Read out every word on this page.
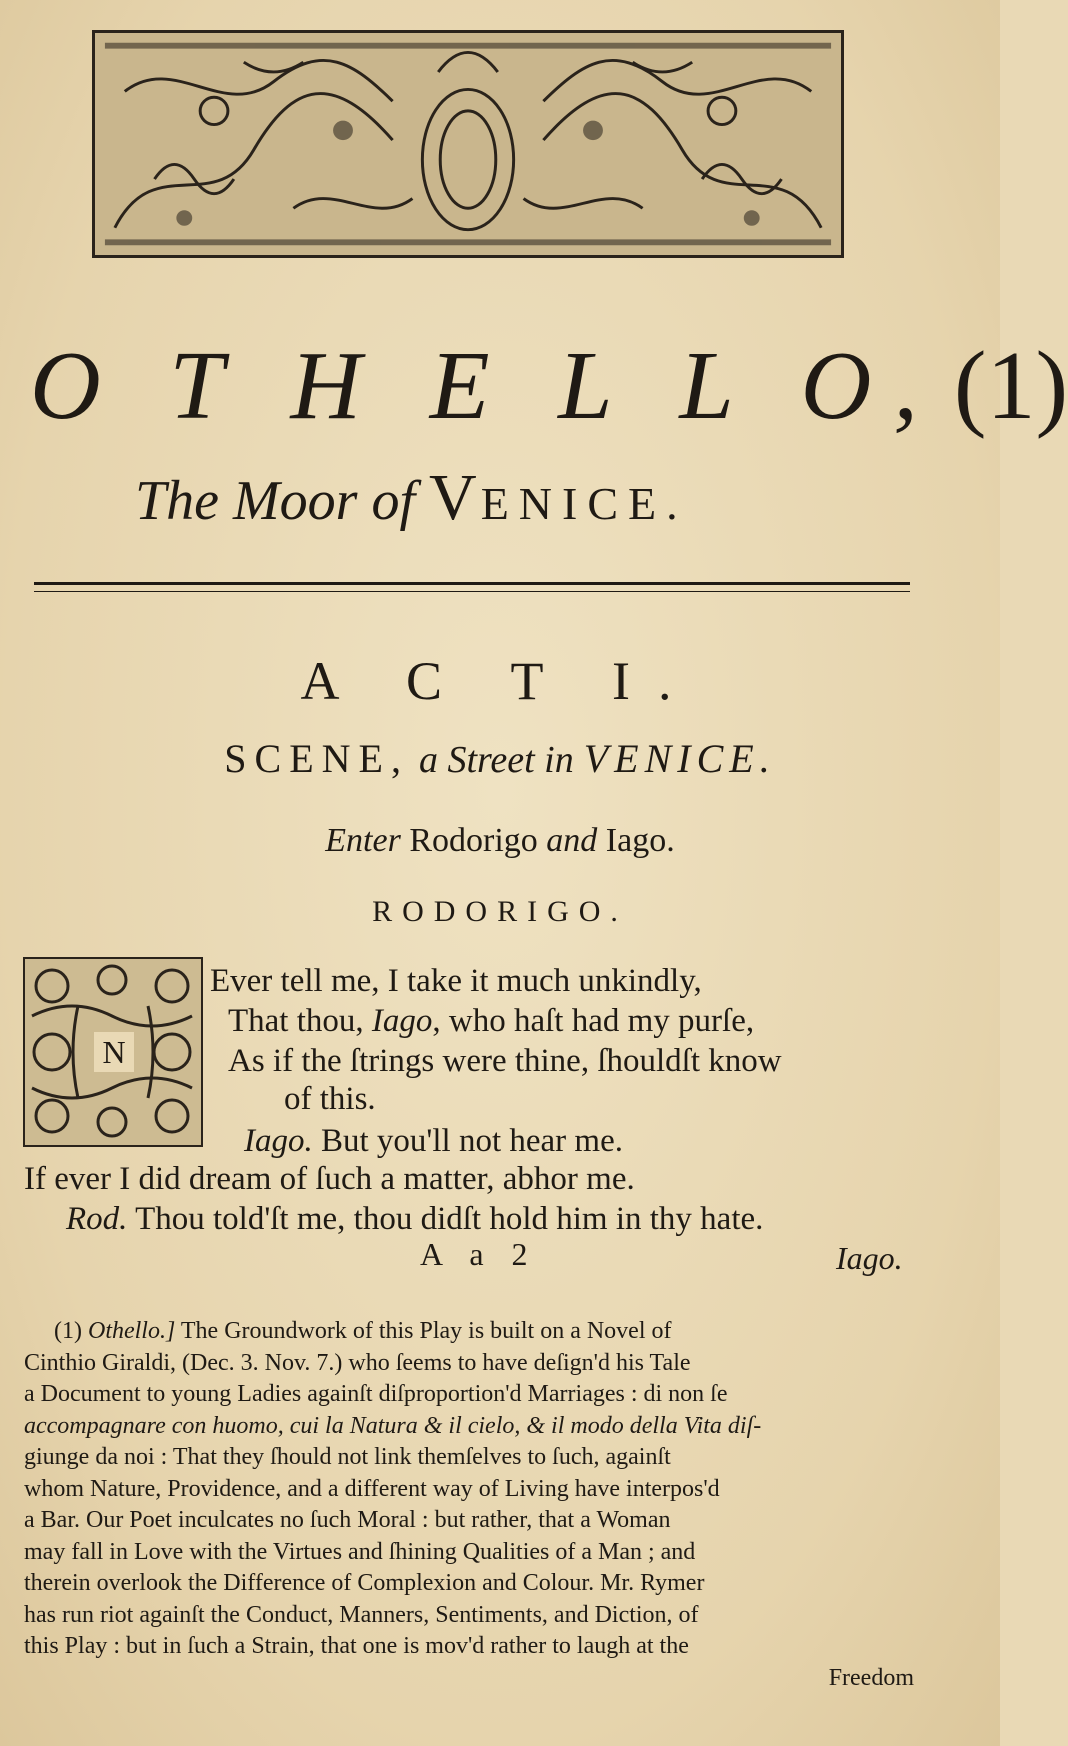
O T H E L L O, (1)
The Moor of VENICE.
A C T I.
SCENE, a Street in VENICE.
Enter Rodorigo and Iago.
RODORIGO.
N
Ever tell me, I take it much unkindly,
That thou, Iago, who haſt had my purſe,
As if the ſtrings were thine, ſhouldſt know
of this.
Iago. But you'll not hear me.
If ever I did dream of ſuch a matter, abhor me.
Rod. Thou told'ſt me, thou didſt hold him in thy hate.
A a 2	Iago.

(1) Othello.] The Groundwork of this Play is built on a Novel of

Cinthio Giraldi, (Dec. 3. Nov. 7.) who ſeems to have deſign'd his Tale

a Document to young Ladies againſt diſproportion'd Marriages : di non ſe

accompagnare con huomo, cui la Natura & il cielo, & il modo della Vita diſ-

giunge da noi : That they ſhould not link themſelves to ſuch, againſt

whom Nature, Providence, and a different way of Living have interpos'd

a Bar. Our Poet inculcates no ſuch Moral : but rather, that a Woman

may fall in Love with the Virtues and ſhining Qualities of a Man ; and

therein overlook the Difference of Complexion and Colour. Mr. Rymer

has run riot againſt the Conduct, Manners, Sentiments, and Diction, of

this Play : but in ſuch a Strain, that one is mov'd rather to laugh at the

Freedom
